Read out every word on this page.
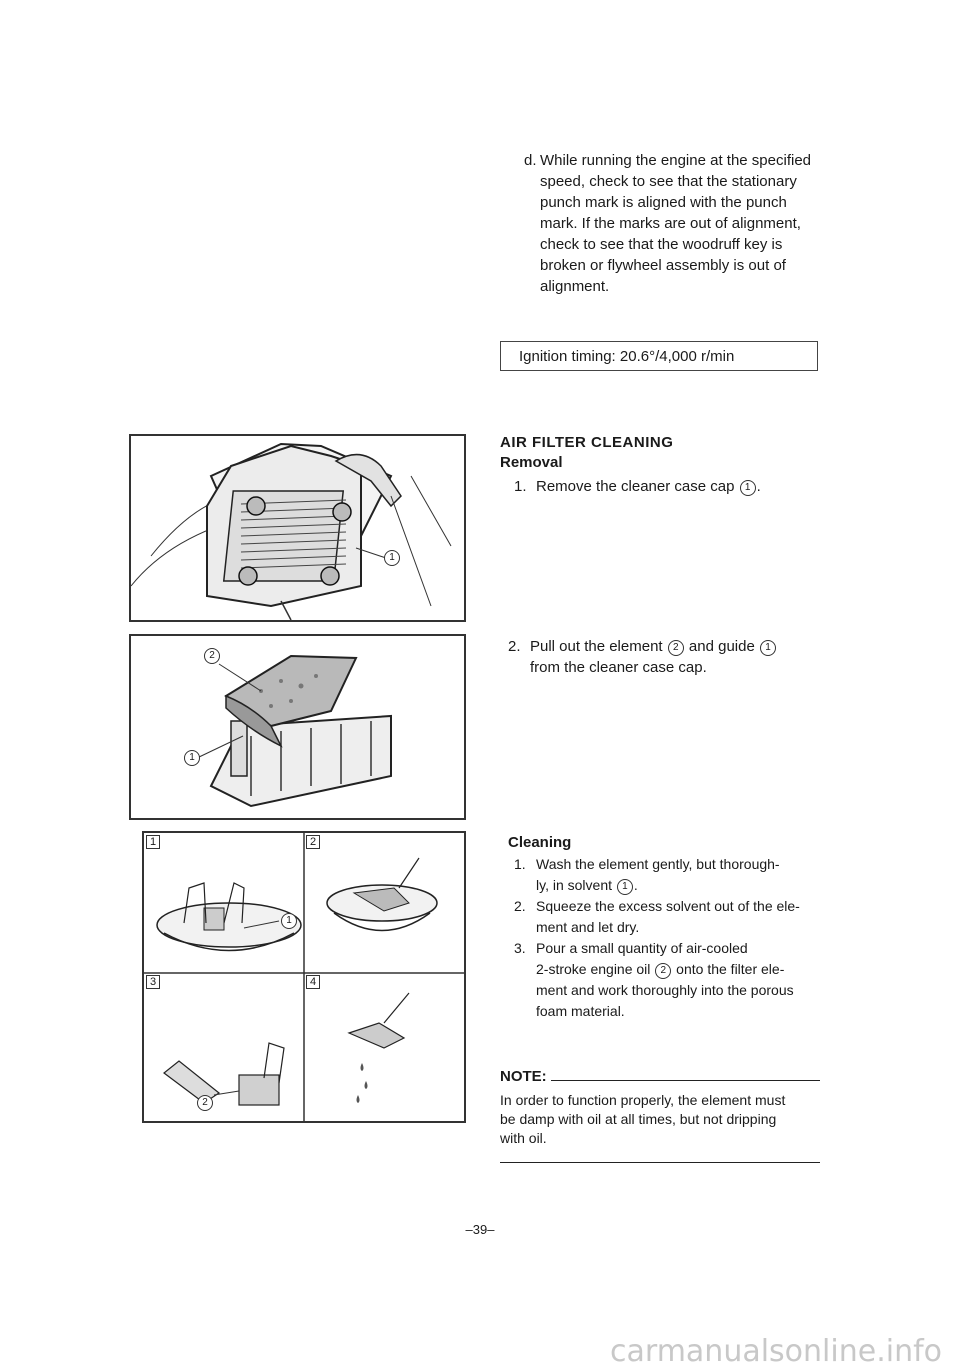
d. While running the engine at the specified
speed, check to see that the stationary
punch mark is aligned with the punch
mark. If the marks are out of alignment,
check to see that the woodruff key is
broken or flywheel assembly is out of
alignment.
Ignition timing: 20.6°/4,000 r/min
AIR FILTER CLEANING
Removal
1. Remove the cleaner case cap 1 .
2. Pull out the element 2 and guide 1
from the cleaner case cap.
Cleaning
1. Wash the element gently, but thorough-
ly, in solvent 1 .
2. Squeeze the excess solvent out of the ele-
ment and let dry.
3. Pour a small quantity of air-cooled
2-stroke engine oil 2 onto the filter ele-
ment and work thoroughly into the porous
foam material.
NOTE:
In order to function properly, the element must
be damp with oil at all times, but not dripping
with oil.
1
2
1
1	2
3	4
1
2
–39–
carmanualsonline.info
